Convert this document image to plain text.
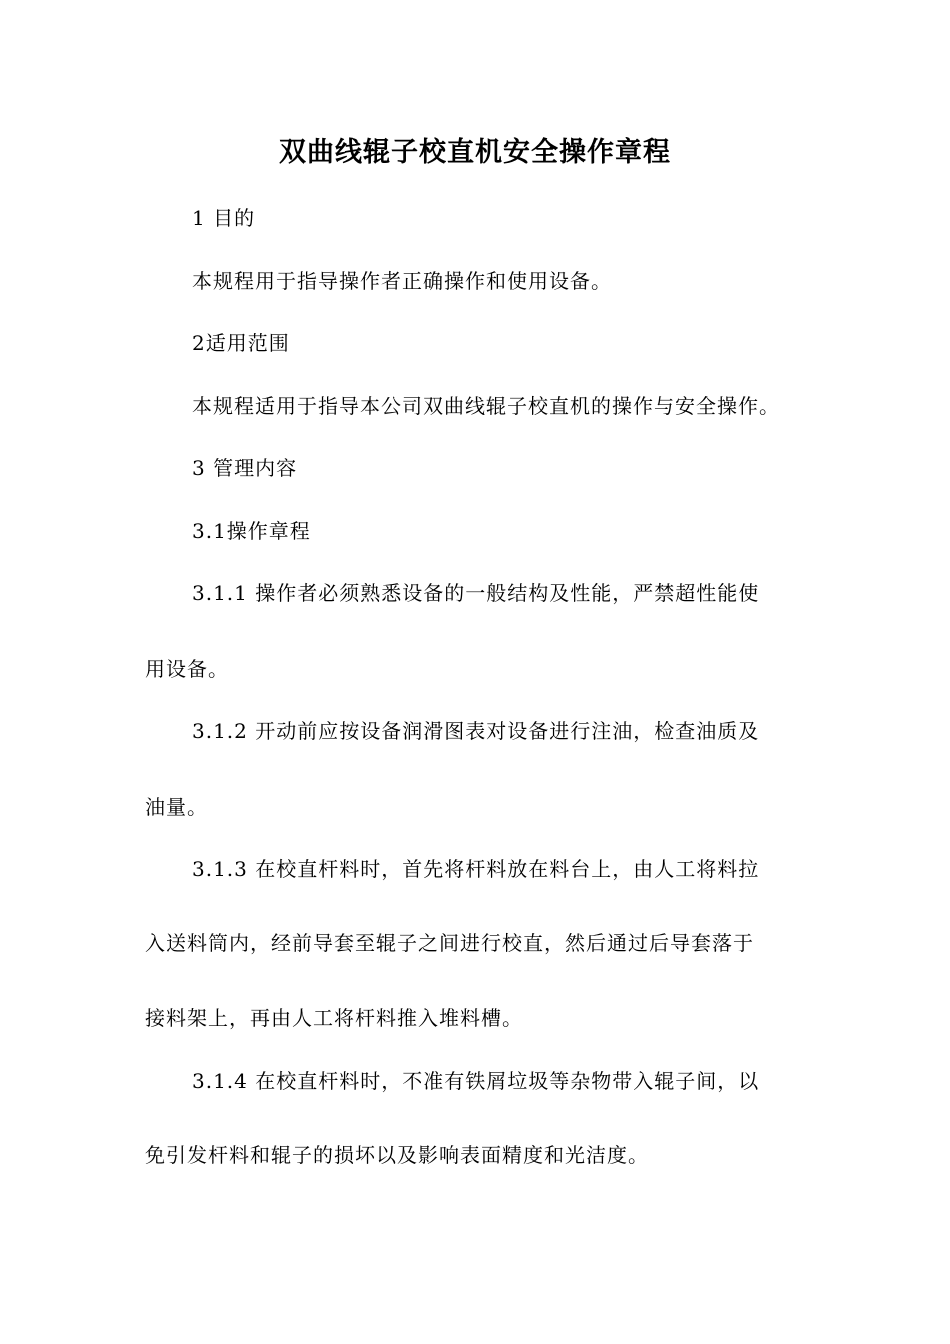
双曲线辊子校直机安全操作章程
1 目的
本规程用于指导操作者正确操作和使用设备。
2适用范围
本规程适用于指导本公司双曲线辊子校直机的操作与安全操作。
3 管理内容
3.1操作章程
3.1.1 操作者必须熟悉设备的一般结构及性能，严禁超性能使
用设备。
3.1.2 开动前应按设备润滑图表对设备进行注油，检查油质及
油量。
3.1.3 在校直杆料时，首先将杆料放在料台上，由人工将料拉
入送料筒内，经前导套至辊子之间进行校直，然后通过后导套落于
接料架上，再由人工将杆料推入堆料槽。
3.1.4 在校直杆料时，不准有铁屑垃圾等杂物带入辊子间，以
免引发杆料和辊子的损坏以及影响表面精度和光洁度。
